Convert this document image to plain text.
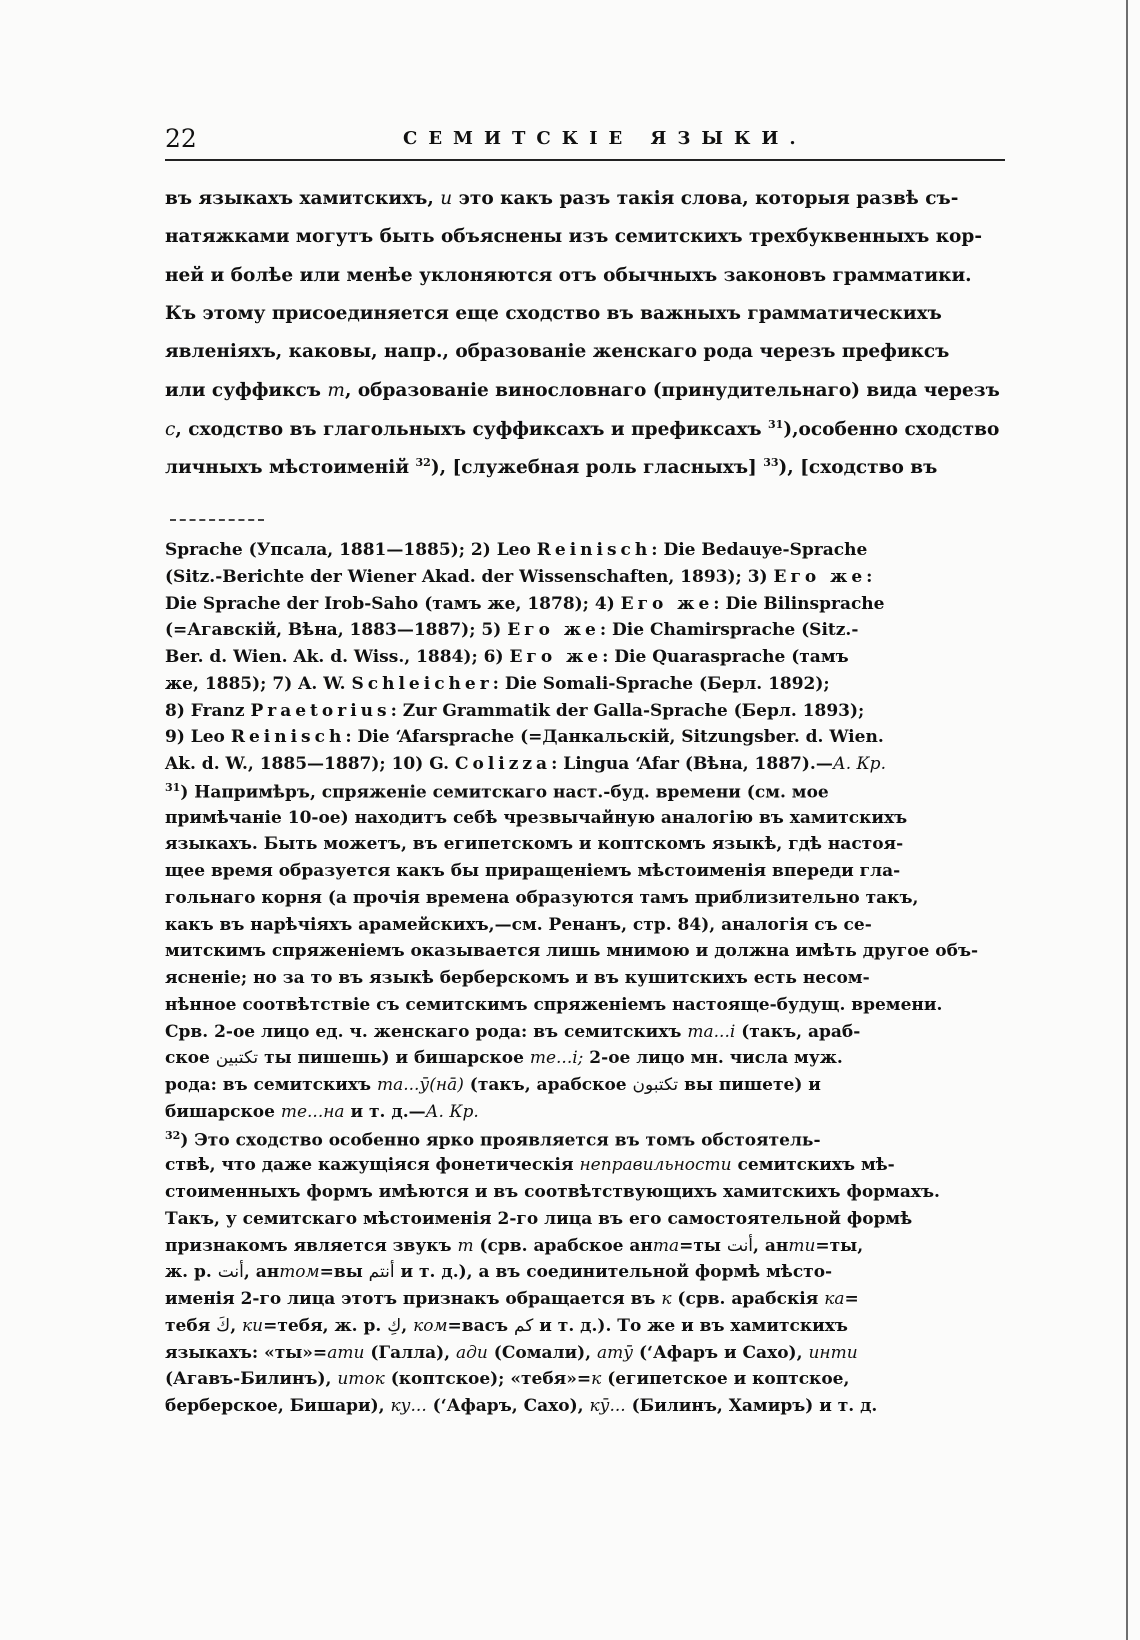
22	СЕМИТСКІЕ ЯЗЫКИ.
въ языкахъ хамитскихъ, и это какъ разъ такія слова, которыя развѣ съ-
натяжками могутъ быть объяснены изъ семитскихъ трехбуквенныхъ кор-
ней и болѣе или менѣе уклоняются отъ обычныхъ законовъ грамматики.
Къ этому присоединяется еще сходство въ важныхъ грамматическихъ
явленіяхъ, каковы, напр., образованіе женскаго рода черезъ префиксъ
или суффиксъ т, образованіе винословнаго (принудительнаго) вида черезъ
с, сходство въ глагольныхъ суффиксахъ и префиксахъ $^{31}$),особенно сходство
личныхъ мѣстоименій $^{32}$), [служебная роль гласныхъ] $^{33}$), [сходство въ
Sprache (Упсала, 1881—1885); 2) Leo Reinisch: Die Bedauye-Sprache
(Sitz.-Berichte der Wiener Akad. der Wissenschaften, 1893); 3) Его же:
Die Sprache der Irob-Saho (тамъ же, 1878); 4) Его же: Die Bilinsprache
(=Агавскій, Вѣна, 1883—1887); 5) Его же: Die Chamirsprache (Sitz.-
Ber. d. Wien. Ak. d. Wiss., 1884); 6) Его же: Die Quarasprache (тамъ
же, 1885); 7) A. W. Schleicher: Die Somali-Sprache (Берл. 1892);
8) Franz Praetorius: Zur Grammatik der Galla-Sprache (Берл. 1893);
9) Leo Reinisch: Die ʻAfarsprache (=Данкальскій, Sitzungsber. d. Wien.
Ak. d. W., 1885—1887); 10) G. Colizza: Lingua ʻAfar (Вѣна, 1887).—А. Кр.
$^{31}$) Напримѣръ, спряженіе семитскаго наст.-буд. времени (см. мое
примѣчаніе 10-ое) находитъ себѣ чрезвычайную аналогію въ хамитскихъ
языкахъ. Быть можетъ, въ египетскомъ и коптскомъ языкѣ, гдѣ настоя-
щее время образуется какъ бы приращеніемъ мѣстоименія впереди гла-
гольнаго корня (а прочія времена образуются тамъ приблизительно такъ,
какъ въ нарѣчіяхъ арамейскихъ,—см. Ренанъ, стр. 84), аналогія съ се-
митскимъ спряженіемъ оказывается лишь мнимою и должна имѣть другое объ-
ясненіе; но за то въ языкѣ берберскомъ и въ кушитскихъ есть несом-
нѣнное соотвѣтствіе съ семитскимъ спряженіемъ настояще-будущ. времени.
Срв. 2-ое лицо ед. ч. женскаго рода: въ семитскихъ та...і (такъ, араб-
ское تكتبين ты пишешь) и бишарское те...і; 2-ое лицо мн. числа муж.
рода: въ семитскихъ та...ӯ(нā) (такъ, арабское تكتبون вы пишете) и
бишарское те...на и т. д.—А. Кр.
$^{32}$) Это сходство особенно ярко проявляется въ томъ обстоятель-
ствѣ, что даже кажущіяся фонетическія неправильности семитскихъ мѣ-
стоименныхъ формъ имѣются и въ соотвѣтствующихъ хамитскихъ формахъ.
Такъ, у семитскаго мѣстоименія 2-го лица въ его самостоятельной формѣ
признакомъ является звукъ т (срв. арабское анта=ты أنت, анти=ты,
ж. р. أنت, антом=вы أنتم и т. д.), а въ соединительной формѣ мѣсто-
именія 2-го лица этотъ признакъ обращается въ к (срв. арабскія ка=
тебя كَ, ки=тебя, ж. р. كِ, ком=васъ كم и т. д.). То же и въ хамитскихъ
языкахъ: «ты»=ати (Галла), ади (Сомали), атӯ (ʻАфаръ и Сахо), инти
(Агавъ-Билинъ), иток (коптское); «тебя»=к (египетское и коптское,
берберское, Бишари), ку... (ʻАфаръ, Сахо), кӯ... (Билинъ, Хамиръ) и т. д.
